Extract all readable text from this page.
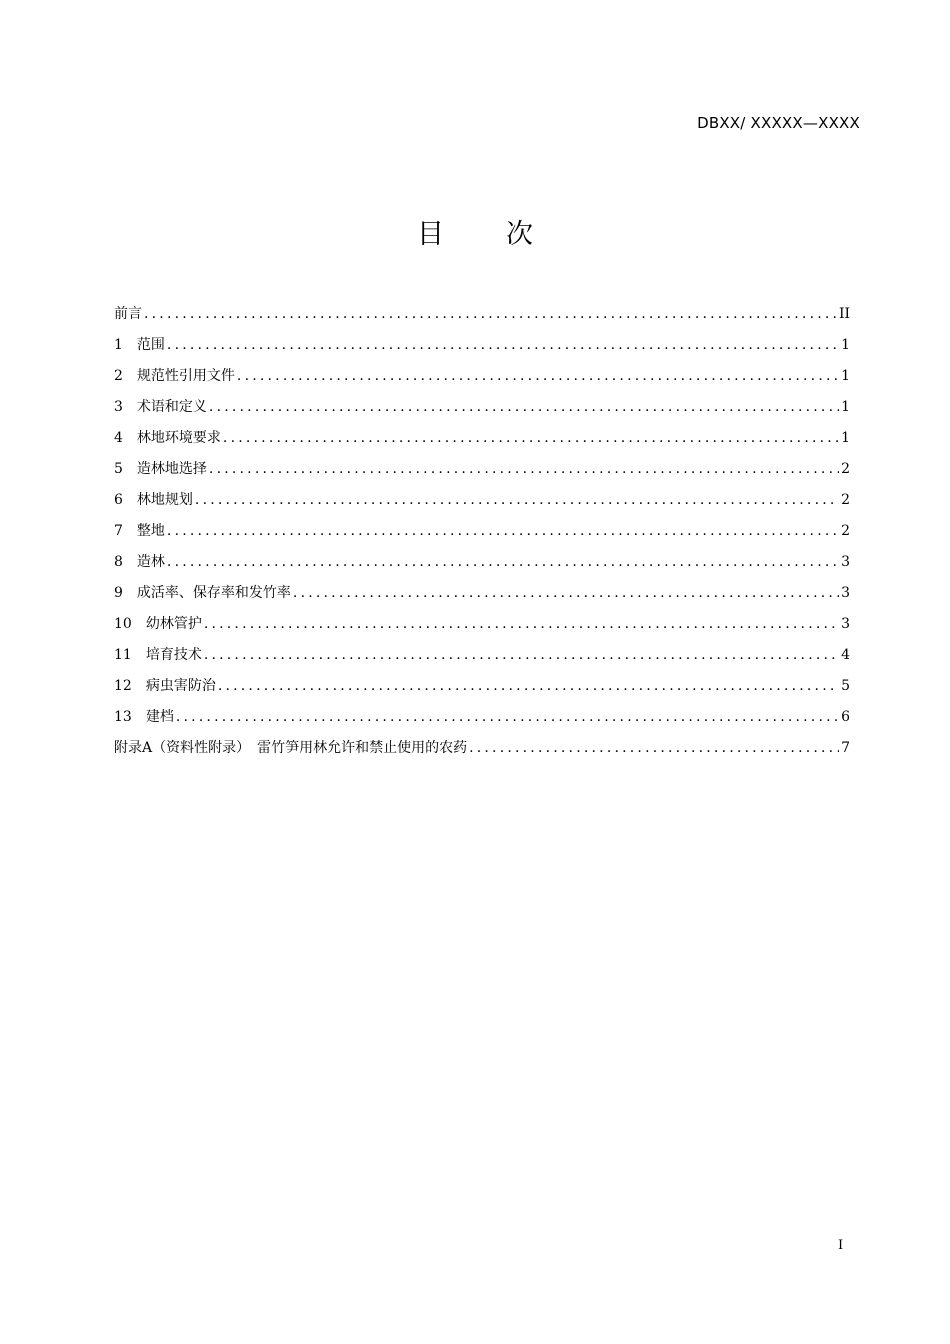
DBXX/ XXXXX—XXXX
目次
前言 .....	II
1 范围 .....	1
2 规范性引用文件 .....	1
3 术语和定义 .....	1
4 林地环境要求 .....	1
5 造林地选择 .....	2
6 林地规划 .....	2
7 整地 .....	2
8 造林 .....	3
9 成活率、保存率和发竹率 .....	3
10 幼林管护 .....	3
11 培育技术 .....	4
12 病虫害防治 .....	5
13 建档 .....	6
附录A（资料性附录）　雷竹笋用林允许和禁止使用的农药 .....	7
I
